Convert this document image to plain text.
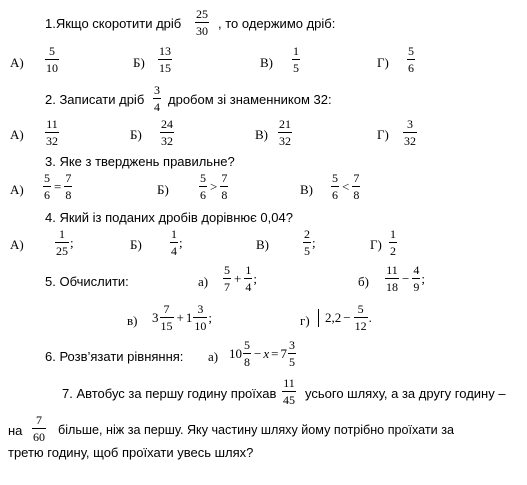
1.Якщо скоротити дріб $\frac{25}{30}$ , то одержимо дріб:
$А) \frac{5}{10}$	$Б) \frac{13}{15}$	$В) \frac{1}{5}$	$Г) \frac{5}{6}$
2. Записати дріб $\frac{3}{4}$ дробом зі знаменником 32:
$А) \frac{11}{32}$	$Б) \frac{24}{32}$	$В) \frac{21}{32}$	$Г) \frac{3}{32}$
3. Яке з тверджень правильне?
$А) \frac{5}{6} = \frac{7}{8}$	Б)	$\frac{5}{6} > \frac{7}{8}$	$В) \frac{5}{6} < \frac{7}{8}$
4. Який із поданих дробів дорівнює 0,04?
А)	$\frac{1}{25}$ ;	$Б) \frac{1}{4}$ ;	В)	$\frac{2}{5}$ ;	$Г) \frac{1}{2}$
5. Обчислити:	$а) \frac{5}{7} + \frac{1}{4}$ ;	$б) \frac{11}{18} - \frac{4}{9}$ ;
в) $3 \frac{7}{15} + 1 \frac{3}{10}$ ;	г) $2,2 - \frac{5}{12}$ .
6. Розв’язати рівняння: а) $10 \frac{5}{8} - x = 7 \frac{3}{5}$
7. Автобус за першу годину проїхав $\frac{11}{45}$ усього шляху, а за другу годину –
на $\frac{7}{60}$ більше, ніж за першу. Яку частину шляху йому потрібно проїхати за
третю годину, щоб проїхати увесь шлях?
